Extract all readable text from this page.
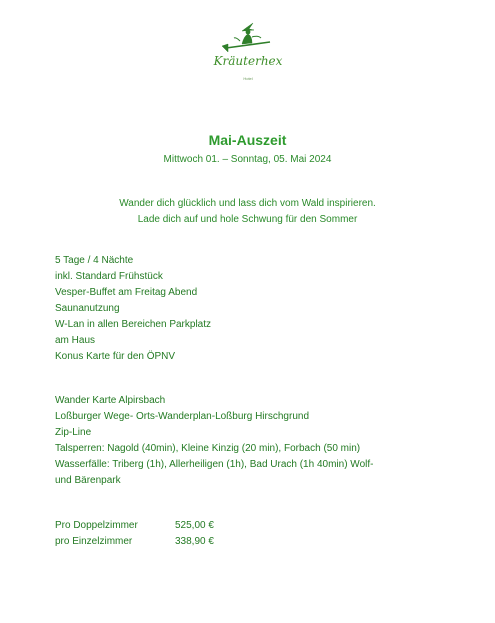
Kräuterhex
Hotel
Mai-Auszeit
Mittwoch 01. – Sonntag, 05. Mai 2024
Wander dich glücklich und lass dich vom Wald inspirieren.
Lade dich auf und hole Schwung für den Sommer
5 Tage / 4 Nächte
inkl. Standard Frühstück
Vesper-Buffet am Freitag Abend
Saunanutzung
W-Lan in allen Bereichen Parkplatz
am Haus
Konus Karte für den ÖPNV
Wander Karte Alpirsbach
Loßburger Wege- Orts-Wanderplan-Loßburg Hirschgrund
Zip-Line
Talsperren: Nagold (40min), Kleine Kinzig (20 min), Forbach (50 min)
Wasserfälle: Triberg (1h), Allerheiligen (1h), Bad Urach (1h 40min) Wolf- und Bärenpark
Pro Doppelzimmer	525,00 €
pro Einzelzimmer	338,90 €
